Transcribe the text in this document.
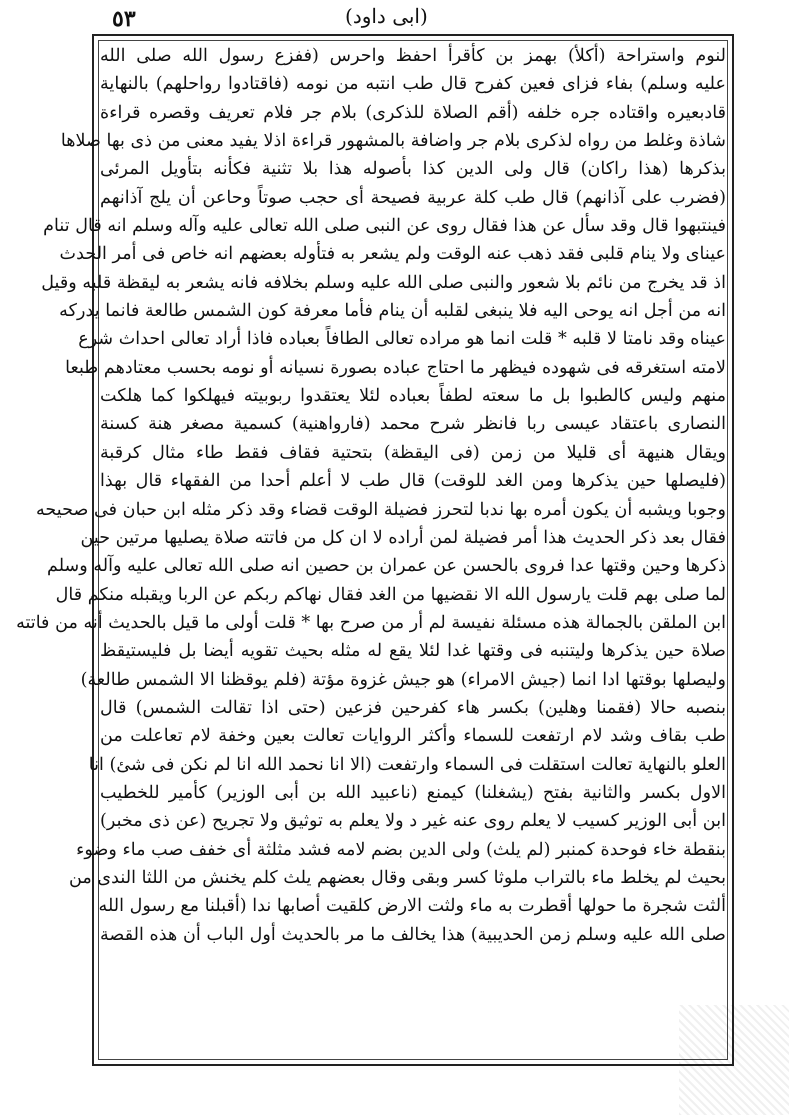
٥٣	(ابى داود)
لنوم واستراحة (أكلأ) بهمز بن كأقرأ احفظ واحرس (ففزع رسول الله صلى الله
عليه وسلم) بفاء فزاى فعين كفرح قال طب انتبه من نومه (فاقتادوا رواحلهم) بالنهاية
قادبعيره واقتاده جره خلفه (أقم الصلاة للذكرى) بلام جر فلام تعريف وقصره قراءة
شاذة وغلط من رواه لذكرى بلام جر واضافة بالمشهور قراءة اذلا يفيد معنى من ذى بها صلاها
بذكرها (هذا راكان) قال ولى الدين كذا بأصوله هذا بلا تثنية فكأنه بتأويل المرئى
(فضرب على آذانهم) قال طب كلة عربية فصيحة أى حجب صوتاً وحاعن أن يلج آذانهم
فينتبهوا قال وقد سأل عن هذا فقال روى عن النبى صلى الله تعالى عليه وآله وسلم انه قال تنام
عيناى ولا ينام قلبى فقد ذهب عنه الوقت ولم يشعر به فتأوله بعضهم انه خاص فى أمر الحدث
اذ قد يخرج من نائم بلا شعور والنبى صلى الله عليه وسلم بخلافه فانه يشعر به ليقظة قلبه وقيل
انه من أجل انه يوحى اليه فلا ينبغى لقلبه أن ينام فأما معرفة كون الشمس طالعة فانما يدركه
عيناه وقد نامتا لا قلبه * قلت انما هو مراده تعالى الطافاً بعباده فاذا أراد تعالى احداث شرع
لامته استغرقه فى شهوده فيظهر ما احتاج عباده بصورة نسيانه أو نومه بحسب معتادهم طبعا
منهم وليس كالطبوا بل ما سعته لطفاً بعباده لئلا يعتقدوا ربوبيته فيهلكوا كما هلكت
النصارى باعتقاد عيسى ربا فانظر شرح محمد (فارواهنية) كسمية مصغر هنة كسنة
ويقال هنيهة أى قليلا من زمن (فى اليقظة) بتحتية فقاف فقط طاء مثال كرقبة
(فليصلها حين يذكرها ومن الغد للوقت) قال طب لا أعلم أحدا من الفقهاء قال بهذا
وجوبا ويشبه أن يكون أمره بها ندبا لتحرز فضيلة الوقت قضاء وقد ذكر مثله ابن حبان فى صحيحه
فقال بعد ذكر الحديث هذا أمر فضيلة لمن أراده لا ان كل من فاتته صلاة يصليها مرتين حين
ذكرها وحين وقتها عدا فروى بالحسن عن عمران بن حصين انه صلى الله تعالى عليه وآله وسلم
لما صلى بهم قلت يارسول الله الا نقضيها من الغد فقال نهاكم ربكم عن الربا ويقبله منكم قال
ابن الملقن بالجمالة هذه مسئلة نفيسة لم أر من صرح بها * قلت أولى ما قيل بالحديث أنه من فاتته
صلاة حين يذكرها وليتنبه فى وقتها غدا لئلا يقع له مثله بحيث تقويه أيضا بل فليستيقظ
وليصلها بوقتها ادا انما (جيش الامراء) هو جيش غزوة مؤتة (فلم يوقظنا الا الشمس طالعة)
بنصبه حالا (فقمنا وهلين) بكسر هاء كفرحين فزعين (حتى اذا تقالت الشمس) قال
طب بقاف وشد لام ارتفعت للسماء وأكثر الروايات تعالت بعين وخفة لام تعاعلت من
العلو بالنهاية تعالت استقلت فى السماء وارتفعت (الا انا نحمد الله انا لم نكن فى شئ) انا
الاول بكسر والثانية بفتح (يشغلنا) كيمنع (ناعبيد الله بن أبى الوزير) كأمير للخطيب
ابن أبى الوزير كسيب لا يعلم روى عنه غير د ولا يعلم به توثيق ولا تجريح (عن ذى مخبر)
بنقطة خاء فوحدة كمنبر (لم يلث) ولى الدين بضم لامه فشد مثلثة أى خفف صب ماء وضوء
بحيث لم يخلط ماء بالتراب ملوثا كسر وبقى وقال بعضهم يلث كلم يخنش من اللثا الندى من
ألثت شجرة ما حولها أقطرت به ماء ولثت الارض كلقيت أصابها ندا (أقبلنا مع رسول الله
صلى الله عليه وسلم زمن الحديبية) هذا يخالف ما مر بالحديث أول الباب أن هذه القصة
